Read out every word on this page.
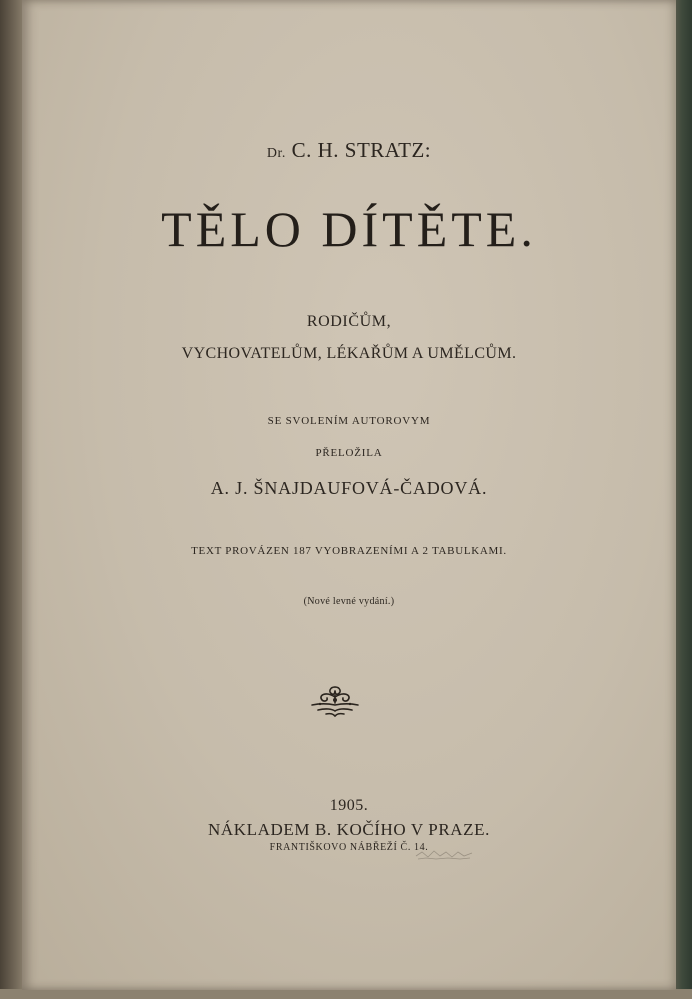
Dr. C. H. STRATZ:
TĚLO DÍTĚTE.
RODIČŮM,
VYCHOVATELŮM, LÉKAŘŮM A UMĚLCŮM.
SE SVOLENÍM AUTOROVYM
PŘELOŽILA
A. J. ŠNAJDAUFOVÁ-ČADOVÁ.
TEXT PROVÁZEN 187 VYOBRAZENÍMI A 2 TABULKAMI.
(Nové levné vydání.)
1905.
NÁKLADEM B. KOČÍHO V PRAZE.
FRANTIŠKOVO NÁBŘEŽÍ Č. 14.
